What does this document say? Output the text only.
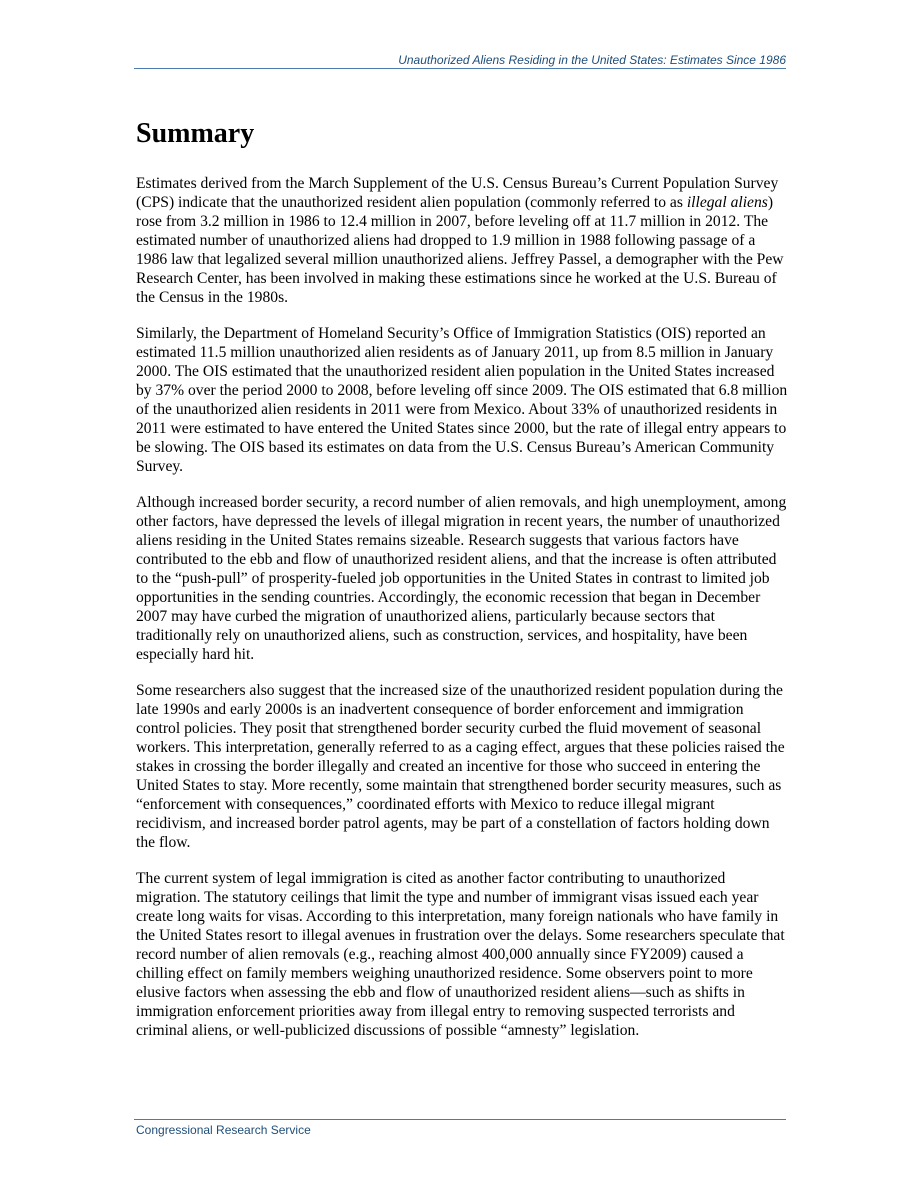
Unauthorized Aliens Residing in the United States: Estimates Since 1986
Summary

Estimates derived from the March Supplement of the U.S. Census Bureau’s Current Population Survey (CPS) indicate that the unauthorized resident alien population (commonly referred to as illegal aliens) rose from 3.2 million in 1986 to 12.4 million in 2007, before leveling off at 11.7 million in 2012. The estimated number of unauthorized aliens had dropped to 1.9 million in 1988 following passage of a 1986 law that legalized several million unauthorized aliens. Jeffrey Passel, a demographer with the Pew Research Center, has been involved in making these estimations since he worked at the U.S. Bureau of the Census in the 1980s.

Similarly, the Department of Homeland Security’s Office of Immigration Statistics (OIS) reported an estimated 11.5 million unauthorized alien residents as of January 2011, up from 8.5 million in January 2000. The OIS estimated that the unauthorized resident alien population in the United States increased by 37% over the period 2000 to 2008, before leveling off since 2009. The OIS estimated that 6.8 million of the unauthorized alien residents in 2011 were from Mexico. About 33% of unauthorized residents in 2011 were estimated to have entered the United States since 2000, but the rate of illegal entry appears to be slowing. The OIS based its estimates on data from the U.S. Census Bureau’s American Community Survey.

Although increased border security, a record number of alien removals, and high unemployment, among other factors, have depressed the levels of illegal migration in recent years, the number of unauthorized aliens residing in the United States remains sizeable. Research suggests that various factors have contributed to the ebb and flow of unauthorized resident aliens, and that the increase is often attributed to the “push-pull” of prosperity-fueled job opportunities in the United States in contrast to limited job opportunities in the sending countries. Accordingly, the economic recession that began in December 2007 may have curbed the migration of unauthorized aliens, particularly because sectors that traditionally rely on unauthorized aliens, such as construction, services, and hospitality, have been especially hard hit.

Some researchers also suggest that the increased size of the unauthorized resident population during the late 1990s and early 2000s is an inadvertent consequence of border enforcement and immigration control policies. They posit that strengthened border security curbed the fluid movement of seasonal workers. This interpretation, generally referred to as a caging effect, argues that these policies raised the stakes in crossing the border illegally and created an incentive for those who succeed in entering the United States to stay. More recently, some maintain that strengthened border security measures, such as “enforcement with consequences,” coordinated efforts with Mexico to reduce illegal migrant recidivism, and increased border patrol agents, may be part of a constellation of factors holding down the flow.

The current system of legal immigration is cited as another factor contributing to unauthorized migration. The statutory ceilings that limit the type and number of immigrant visas issued each year create long waits for visas. According to this interpretation, many foreign nationals who have family in the United States resort to illegal avenues in frustration over the delays. Some researchers speculate that record number of alien removals (e.g., reaching almost 400,000 annually since FY2009) caused a chilling effect on family members weighing unauthorized residence. Some observers point to more elusive factors when assessing the ebb and flow of unauthorized resident aliens—such as shifts in immigration enforcement priorities away from illegal entry to removing suspected terrorists and criminal aliens, or well-publicized discussions of possible “amnesty” legislation.

Congressional Research Service
